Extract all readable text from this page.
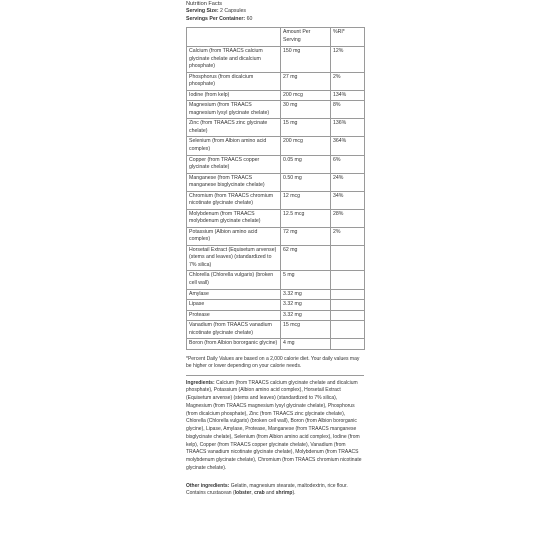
Nutrition Facts

Serving Size: 2 Capsules

Servings Per Container: 60

	Amount Per Serving	%RI*
Calcium (from TRAACS calcium glycinate chelate and dicalcium phosphate)	150 mg	12%
Phosphorus (from dicalcium phosphate)	27 mg	2%
Iodine (from kelp)	200 mcg	134%
Magnesium (from TRAACS magnesium lysyl glycinate chelate)	30 mg	8%
Zinc (from TRAACS zinc glycinate chelate)	15 mg	136%
Selenium (from Albion amino acid complex)	200 mcg	364%
Copper (from TRAACS copper glycinate chelate)	0.05 mg	6%
Manganese (from TRAACS manganese bisglycinate chelate)	0.50 mg	24%
Chromium (from TRAACS chromium nicotinate glycinate chelate)	12 mcg	34%
Molybdenum (from TRAACS molybdenum glycinate chelate)	12.5 mcg	28%
Potassium (Albion amino acid complex)	72 mg	2%
Horsetail Extract (Equisetum arvense) (stems and leaves) (standardized to 7% silica)	62 mg	
Chlorella (Chlorella vulgaris) (broken cell wall)	5 mg	
Amylase	3.32 mg	
Lipase	3.32 mg	
Protease	3.32 mg	
Vanadium (from TRAACS vanadium nicotinate glycinate chelate)	15 mcg	
Boron (from Albion bororganic glycine)	4 mg	
*Percent Daily Values are based on a 2,000 calorie diet. Your daily values may be higher or lower depending on your calorie needs.
Ingredients: Calcium (from TRAACS calcium glycinate chelate and dicalcium phosphate), Potassium (Albion amino acid complex), Horsetail Extract (Equisetum arvense) (stems and leaves) (standardized to 7% silica), Magnesium (from TRAACS magnesium lysyl glycinate chelate), Phosphorus (from dicalcium phosphate), Zinc (from TRAACS zinc glycinate chelate), Chlorella (Chlorella vulgaris) (broken cell wall), Boron (from Albion bororganic glycine), Lipase, Amylase, Protease, Manganese (from TRAACS manganese bisglycinate chelate), Selenium (from Albion amino acid complex), Iodine (from kelp), Copper (from TRAACS copper glycinate chelate), Vanadium (from TRAACS vanadium nicotinate glycinate chelate), Molybdenum (from TRAACS molybdenum glycinate chelate), Chromium (from TRAACS chromium nicotinate glycinate chelate).
Other ingredients: Gelatin, magnesium stearate, maltodextrin, rice flour. Contains crustacean (lobster, crab and shrimp).
